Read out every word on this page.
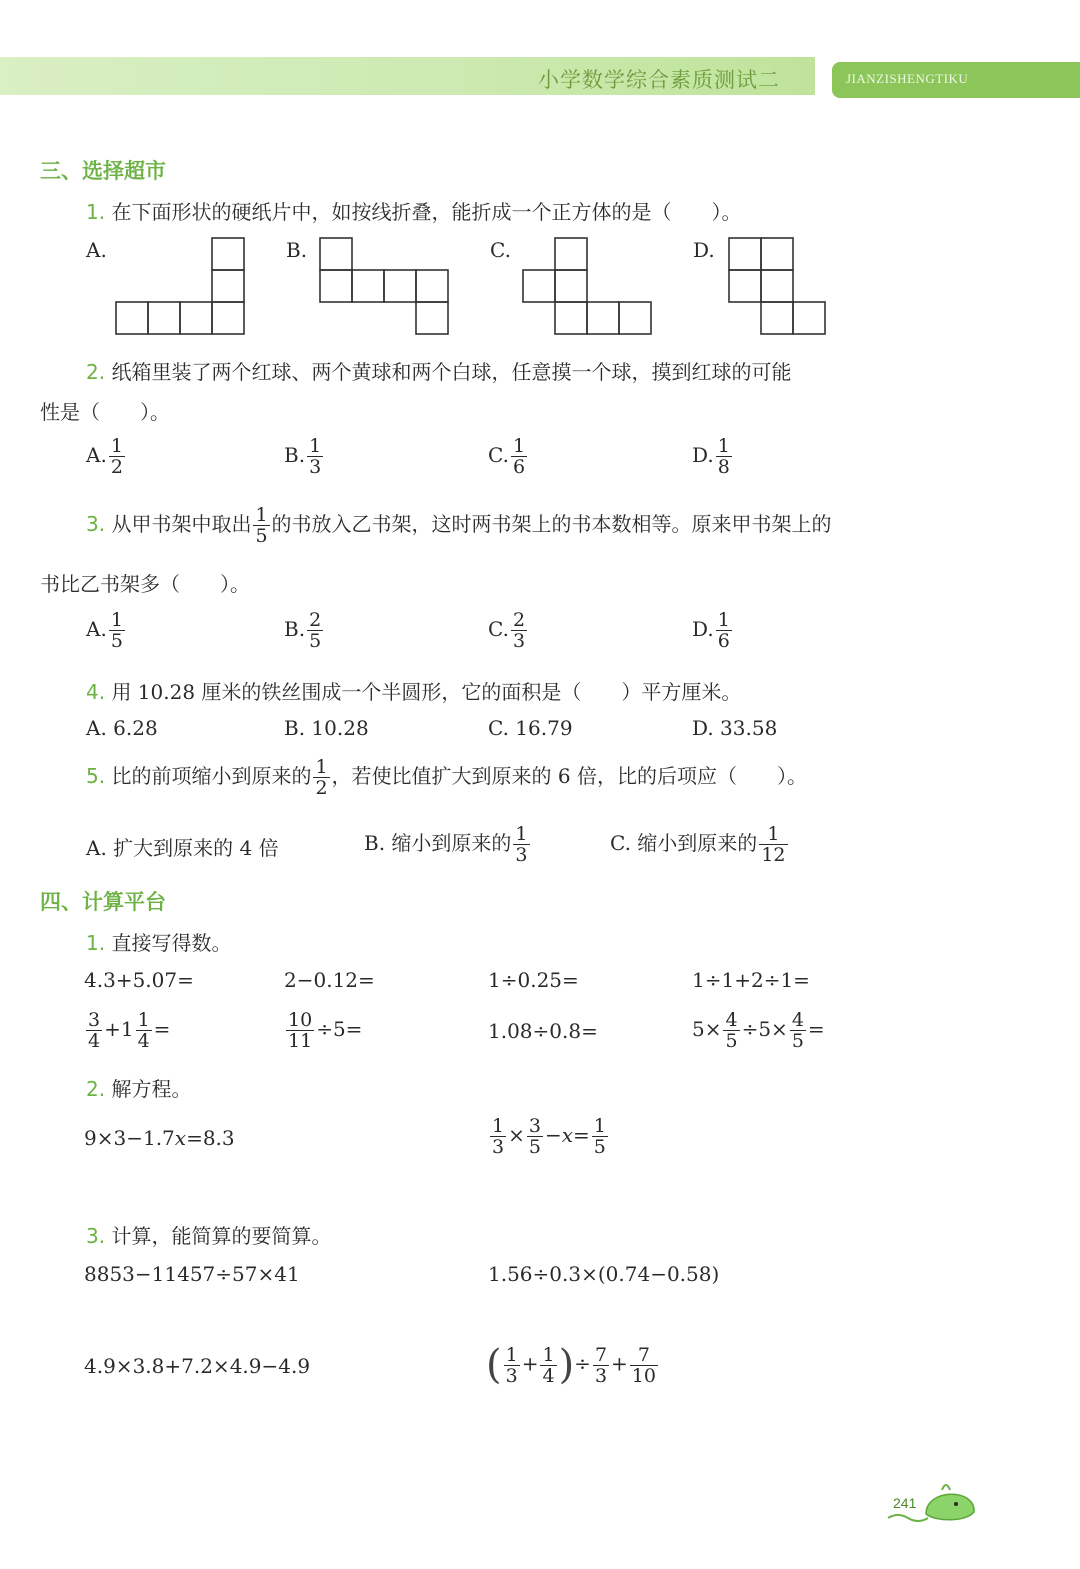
小学数学综合素质测试二	JIANZISHENGTIKU
三、选择超市
1. 在下面形状的硬纸片中，如按线折叠，能折成一个正方体的是（　　）。
A.	B.	C.	D.
2. 纸箱里装了两个红球、两个黄球和两个白球，任意摸一个球，摸到红球的可能
性是（　　）。
A. $\frac{1}{2}$	B. $\frac{1}{3}$	C. $\frac{1}{6}$	D. $\frac{1}{8}$
3. 从甲书架中取出 $\frac{1}{5}$ 的书放入乙书架，这时两书架上的书本数相等。原来甲书架上的
书比乙书架多（　　）。
A. $\frac{1}{5}$	B. $\frac{2}{5}$	C. $\frac{2}{3}$	D. $\frac{1}{6}$
4. 用 10.28 厘米的铁丝围成一个半圆形，它的面积是（　　）平方厘米。
A. 6.28	B. 10.28	C. 16.79	D. 33.58
5. 比的前项缩小到原来的 $\frac{1}{2}$ ，若使比值扩大到原来的 6 倍，比的后项应（　　）。
A. 扩大到原来的 4 倍	B. 缩小到原来的 $\frac{1}{3}$	C. 缩小到原来的 $\frac{1}{12}$
四、计算平台
1. 直接写得数。
4.3+5.07=	2−0.12=	1÷0.25=	1÷1+2÷1=
$\frac{3}{4} +1 \frac{1}{4}$ =	$\frac{10}{11} \div 5=$	1.08÷0.8=	$5\times \frac{4}{5} \div 5\times \frac{4}{5}$ =
2. 解方程。
9×3−1.7x=8.3	$\frac{1}{3} \times \frac{3}{5} -x= \frac{1}{5}$
3. 计算，能简算的要简算。
8853−11457÷57×41	1.56÷0.3×(0.74−0.58)
4.9×3.8+7.2×4.9−4.9	( $\frac{1}{3} + \frac{1}{4}$ )÷ $\frac{7}{3} + \frac{7}{10}$
241
